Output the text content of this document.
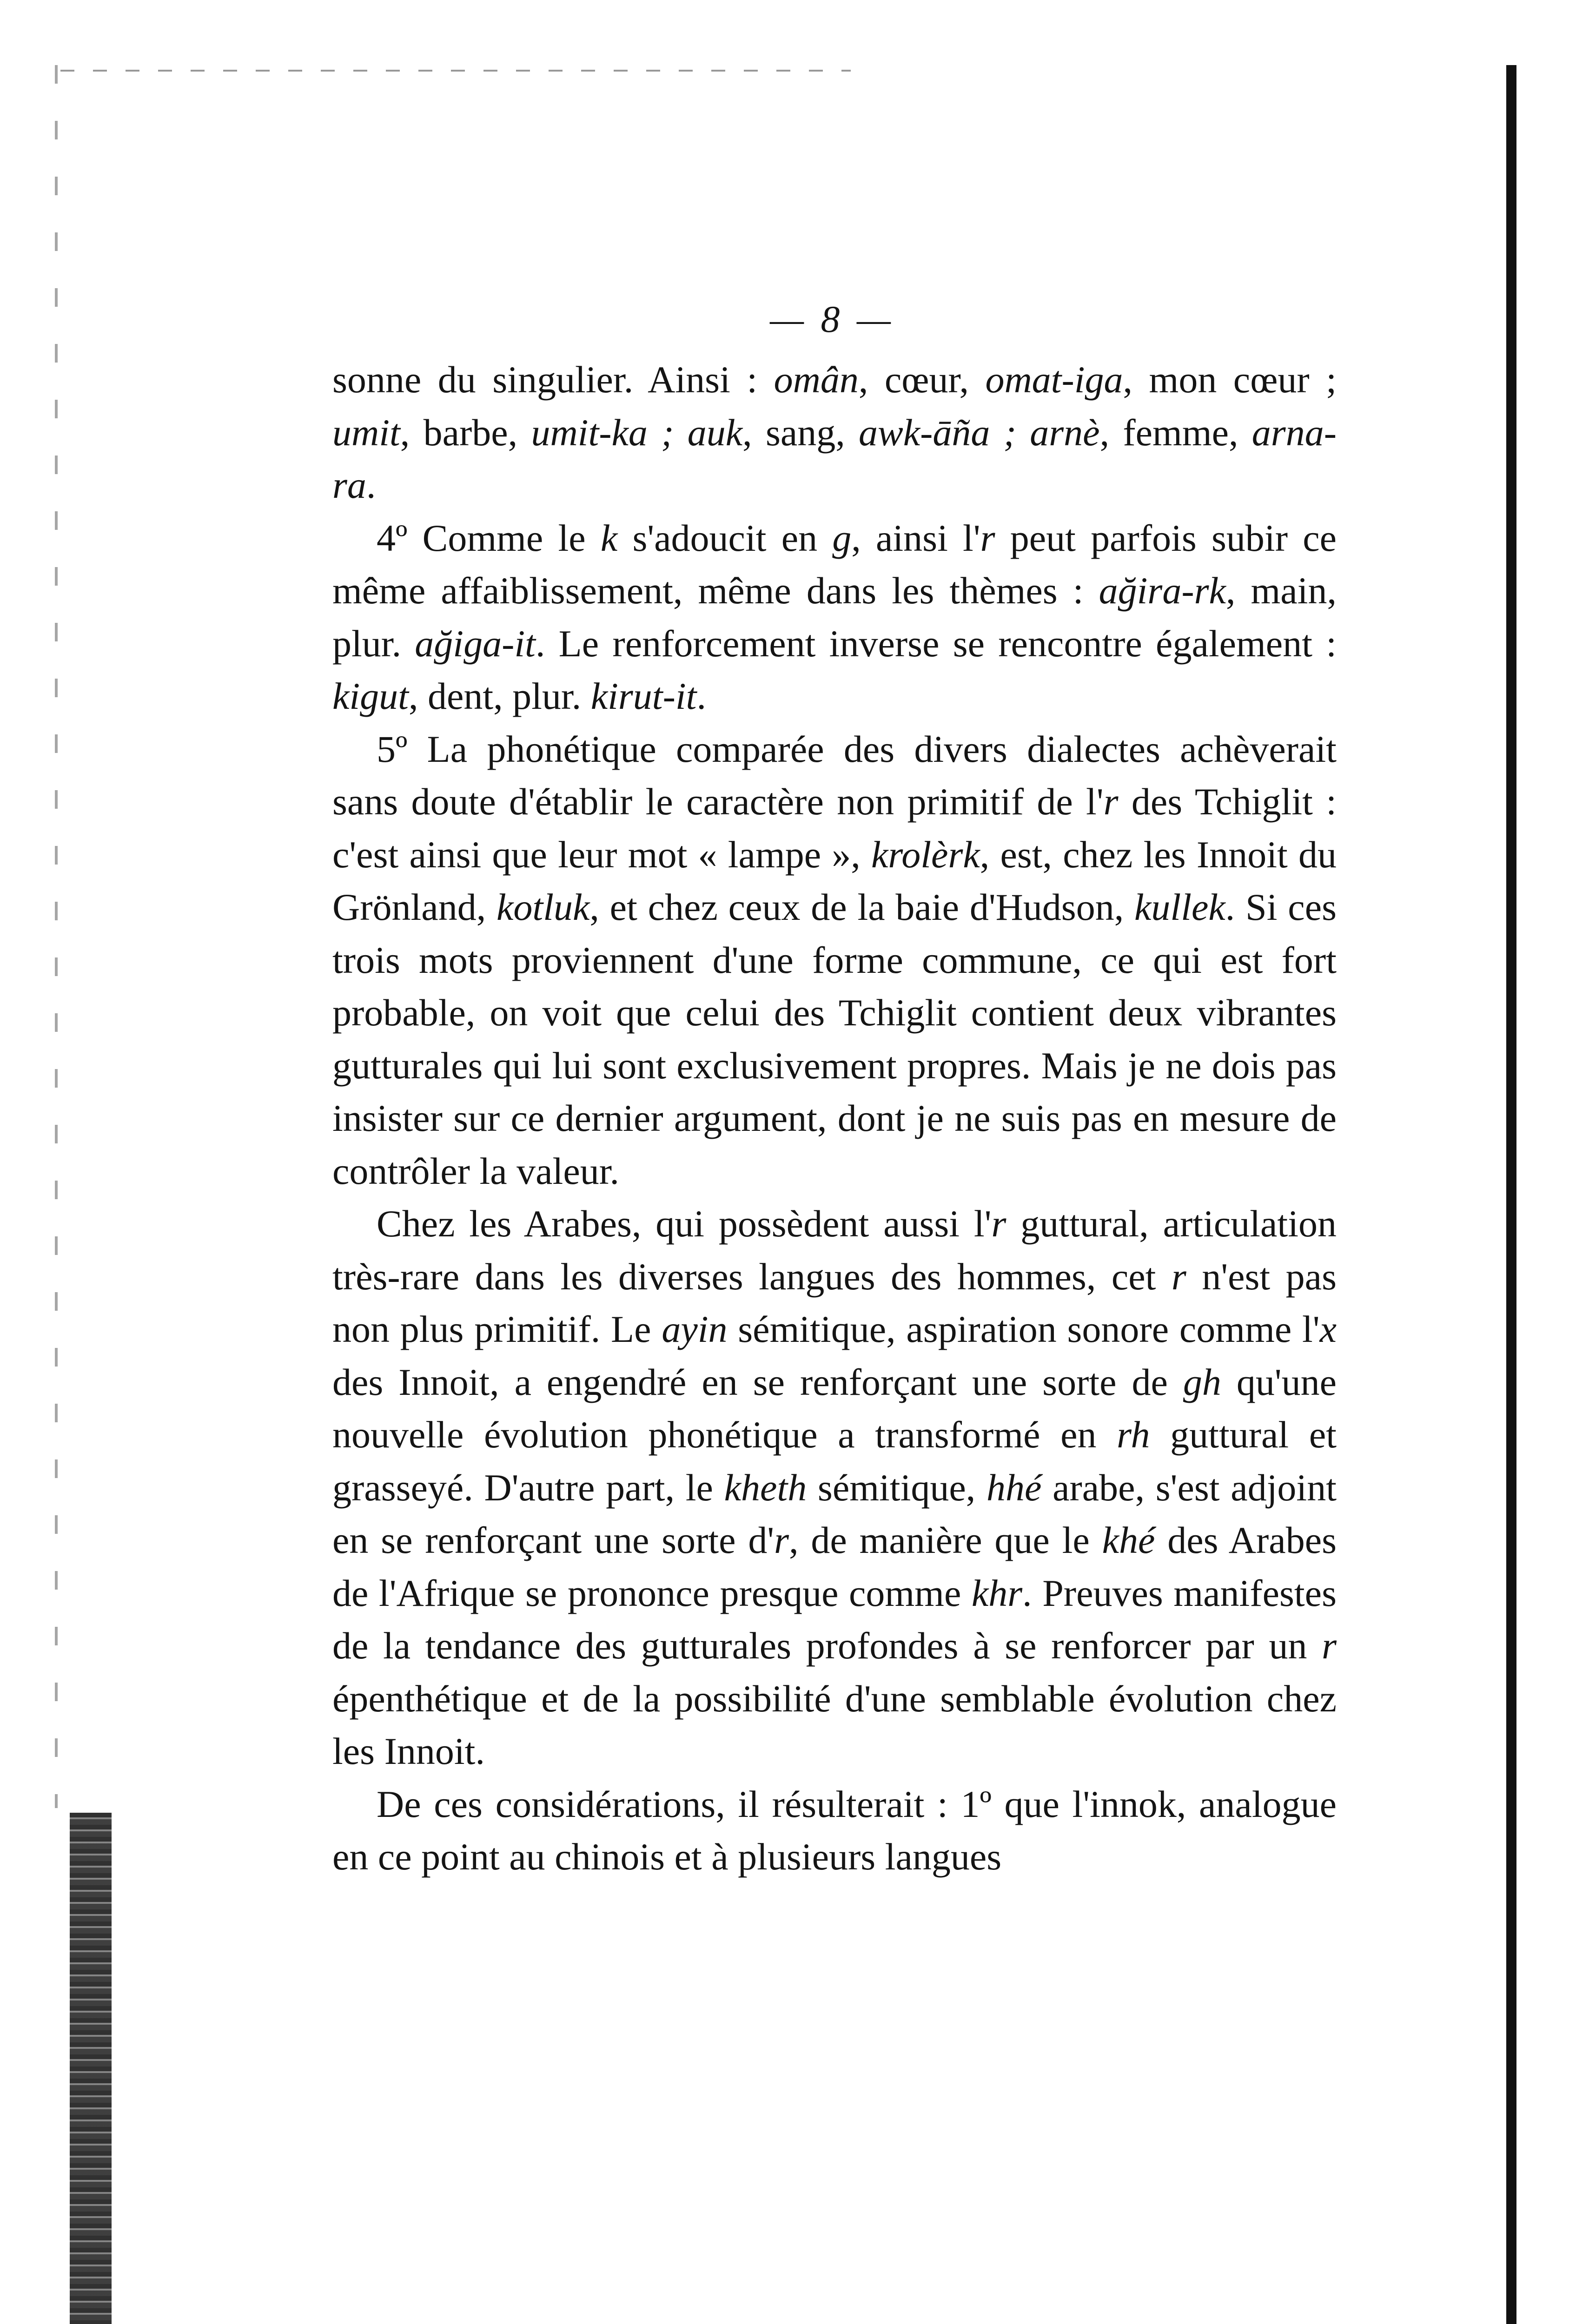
— 8 —

sonne du singulier. Ainsi : omân, cœur, omat-iga, mon cœur ; umit, barbe, umit-ka ; auk, sang, awk-āña ; arnè, femme, arna-ra.

4º Comme le k s'adoucit en g, ainsi l'r peut parfois subir ce même affaiblissement, même dans les thèmes : ağira-rk, main, plur. ağiga-it. Le renforcement inverse se rencontre également : kigut, dent, plur. kirut-it.

5º La phonétique comparée des divers dialectes achèverait sans doute d'établir le caractère non primitif de l'r des Tchiglit : c'est ainsi que leur mot « lampe », krolèrk, est, chez les Innoit du Grönland, kotluk, et chez ceux de la baie d'Hudson, kullek. Si ces trois mots proviennent d'une forme commune, ce qui est fort probable, on voit que celui des Tchiglit contient deux vibrantes gutturales qui lui sont exclusivement propres. Mais je ne dois pas insister sur ce dernier argument, dont je ne suis pas en mesure de contrôler la valeur.

Chez les Arabes, qui possèdent aussi l'r guttural, articulation très-rare dans les diverses langues des hommes, cet r n'est pas non plus primitif. Le ayin sémitique, aspiration sonore comme l'x des Innoit, a engendré en se renforçant une sorte de gh qu'une nouvelle évolution phonétique a transformé en rh guttural et grasseyé. D'autre part, le kheth sémitique, hhé arabe, s'est adjoint en se renforçant une sorte d'r, de manière que le khé des Arabes de l'Afrique se prononce presque comme khr. Preuves manifestes de la tendance des gutturales profondes à se renforcer par un r épenthétique et de la possibilité d'une semblable évolution chez les Innoit.

De ces considérations, il résulterait : 1º que l'innok, analogue en ce point au chinois et à plusieurs langues
